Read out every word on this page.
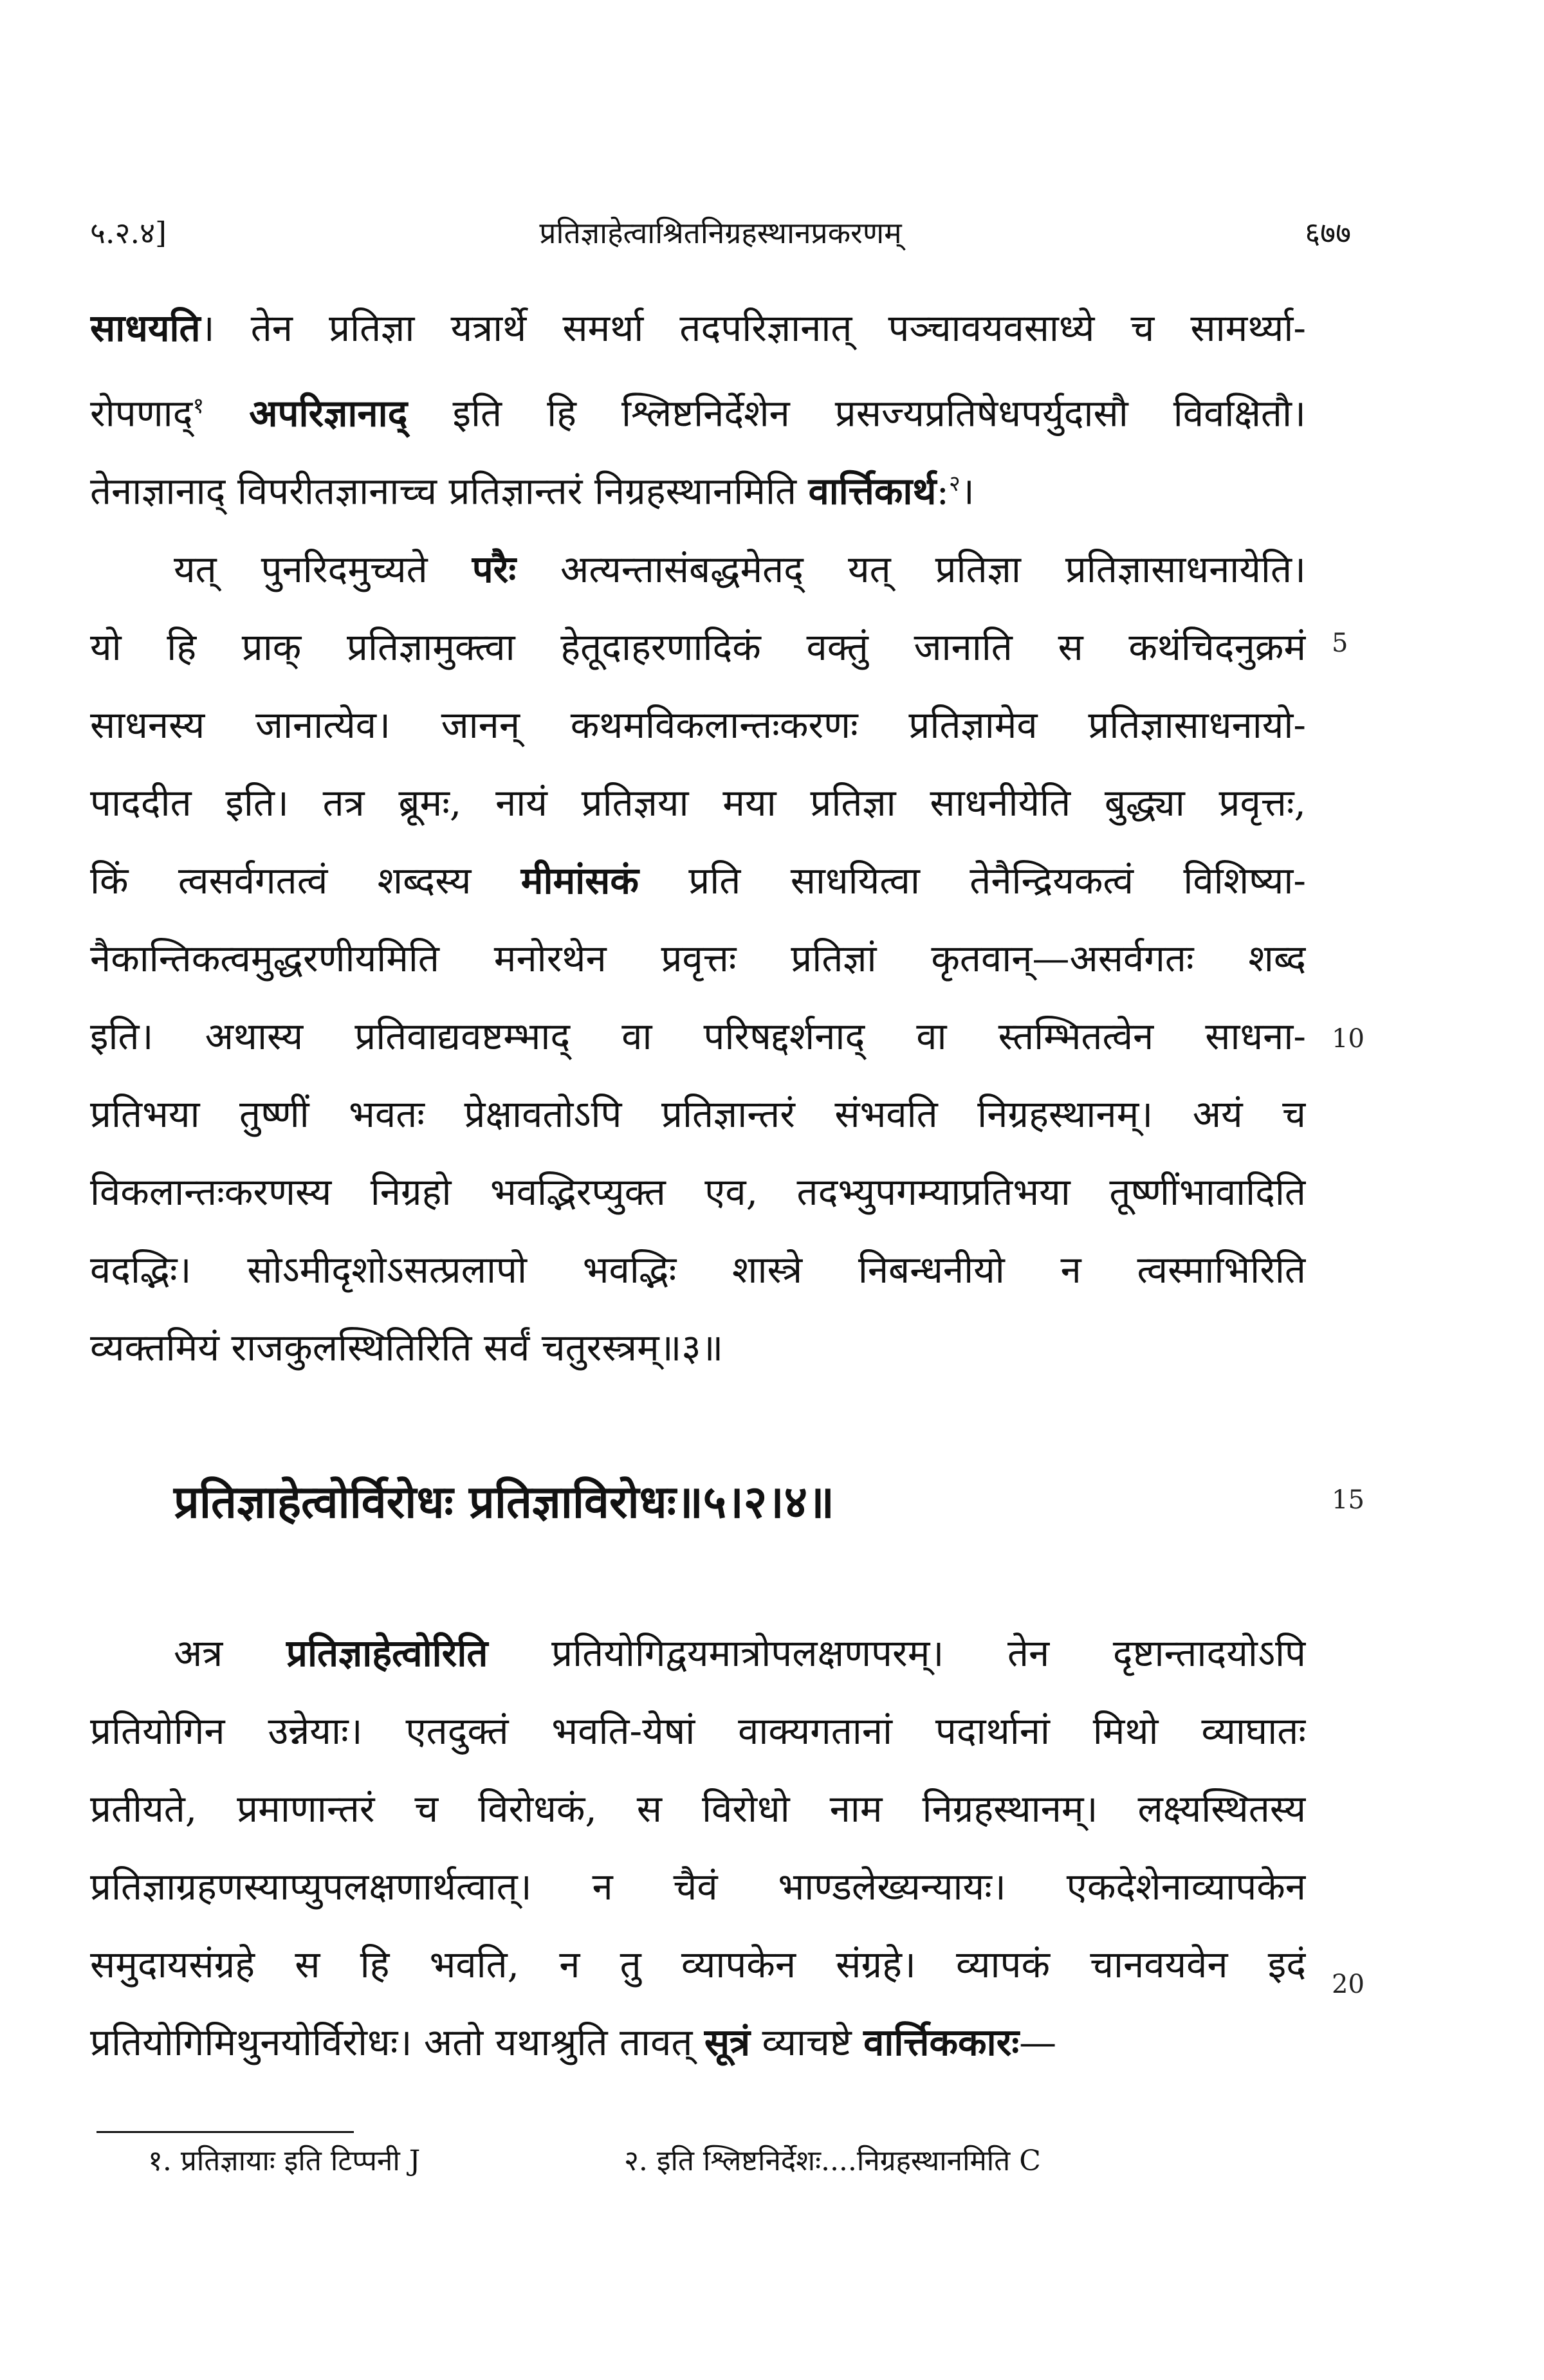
५.२.४]	प्रतिज्ञाहेत्वाश्रितनिग्रहस्थानप्रकरणम्	६७७
साधयति। तेन प्रतिज्ञा यत्रार्थे समर्था तदपरिज्ञानात् पञ्चावयवसाध्ये च सामर्थ्या-
रोपणाद्$^१$ अपरिज्ञानाद् इति हि श्लिष्टनिर्देशेन प्रसज्यप्रतिषेधपर्युदासौ विवक्षितौ।
तेनाज्ञानाद् विपरीतज्ञानाच्च प्रतिज्ञान्तरं निग्रहस्थानमिति वार्त्तिकार्थ:$^२$।
यत् पुनरिदमुच्यते परैः अत्यन्तासंबद्धमेतद् यत् प्रतिज्ञा प्रतिज्ञासाधनायेति।
यो हि प्राक् प्रतिज्ञामुक्त्वा हेतूदाहरणादिकं वक्तुं जानाति स कथंचिदनुक्रमं
साधनस्य जानात्येव। जानन् कथमविकलान्तःकरणः प्रतिज्ञामेव प्रतिज्ञासाधनायो-
पाददीत इति। तत्र ब्रूमः, नायं प्रतिज्ञया मया प्रतिज्ञा साधनीयेति बुद्ध्या प्रवृत्तः,
किं त्वसर्वगतत्वं शब्दस्य मीमांसकं प्रति साधयित्वा तेनैन्द्रियकत्वं विशिष्या-
नैकान्तिकत्वमुद्धरणीयमिति मनोरथेन प्रवृत्तः प्रतिज्ञां कृतवान्—असर्वगतः शब्द
इति। अथास्य प्रतिवाद्यवष्टम्भाद् वा परिषद्दर्शनाद् वा स्तम्भितत्वेन साधना-
प्रतिभया तुष्णीं भवतः प्रेक्षावतोऽपि प्रतिज्ञान्तरं संभवति निग्रहस्थानम्। अयं च
विकलान्तःकरणस्य निग्रहो भवद्भिरप्युक्त एव, तदभ्युपगम्याप्रतिभया तूष्णींभावादिति
वदद्भिः। सोऽमीदृशोऽसत्प्रलापो भवद्भिः शास्त्रे निबन्धनीयो न त्वस्माभिरिति
व्यक्तमियं राजकुलस्थितिरिति सर्वं चतुरस्त्रम्॥३॥
अत्र प्रतिज्ञाहेत्वोरिति प्रतियोगिद्वयमात्रोपलक्षणपरम्। तेन दृष्टान्तादयोऽपि
प्रतियोगिन उन्नेयाः। एतदुक्तं भवति-येषां वाक्यगतानां पदार्थानां मिथो व्याघातः
प्रतीयते, प्रमाणान्तरं च विरोधकं, स विरोधो नाम निग्रहस्थानम्। लक्ष्यस्थितस्य
प्रतिज्ञाग्रहणस्याप्युपलक्षणार्थत्वात्। न चैवं भाण्डलेख्यन्यायः। एकदेशेनाव्यापकेन
समुदायसंग्रहे स हि भवति, न तु व्यापकेन संग्रहे। व्यापकं चानवयवेन इदं
प्रतियोगिमिथुनयोर्विरोधः। अतो यथाश्रुति तावत् सूत्रं व्याचष्टे वार्त्तिककारः—
5
10
15
20
प्रतिज्ञाहेत्वोर्विरोधः प्रतिज्ञाविरोधः॥५।२।४॥
१. प्रतिज्ञायाः इति टिप्पनी J	२. इति श्लिष्टनिर्देशः....निग्रहस्थानमिति C
